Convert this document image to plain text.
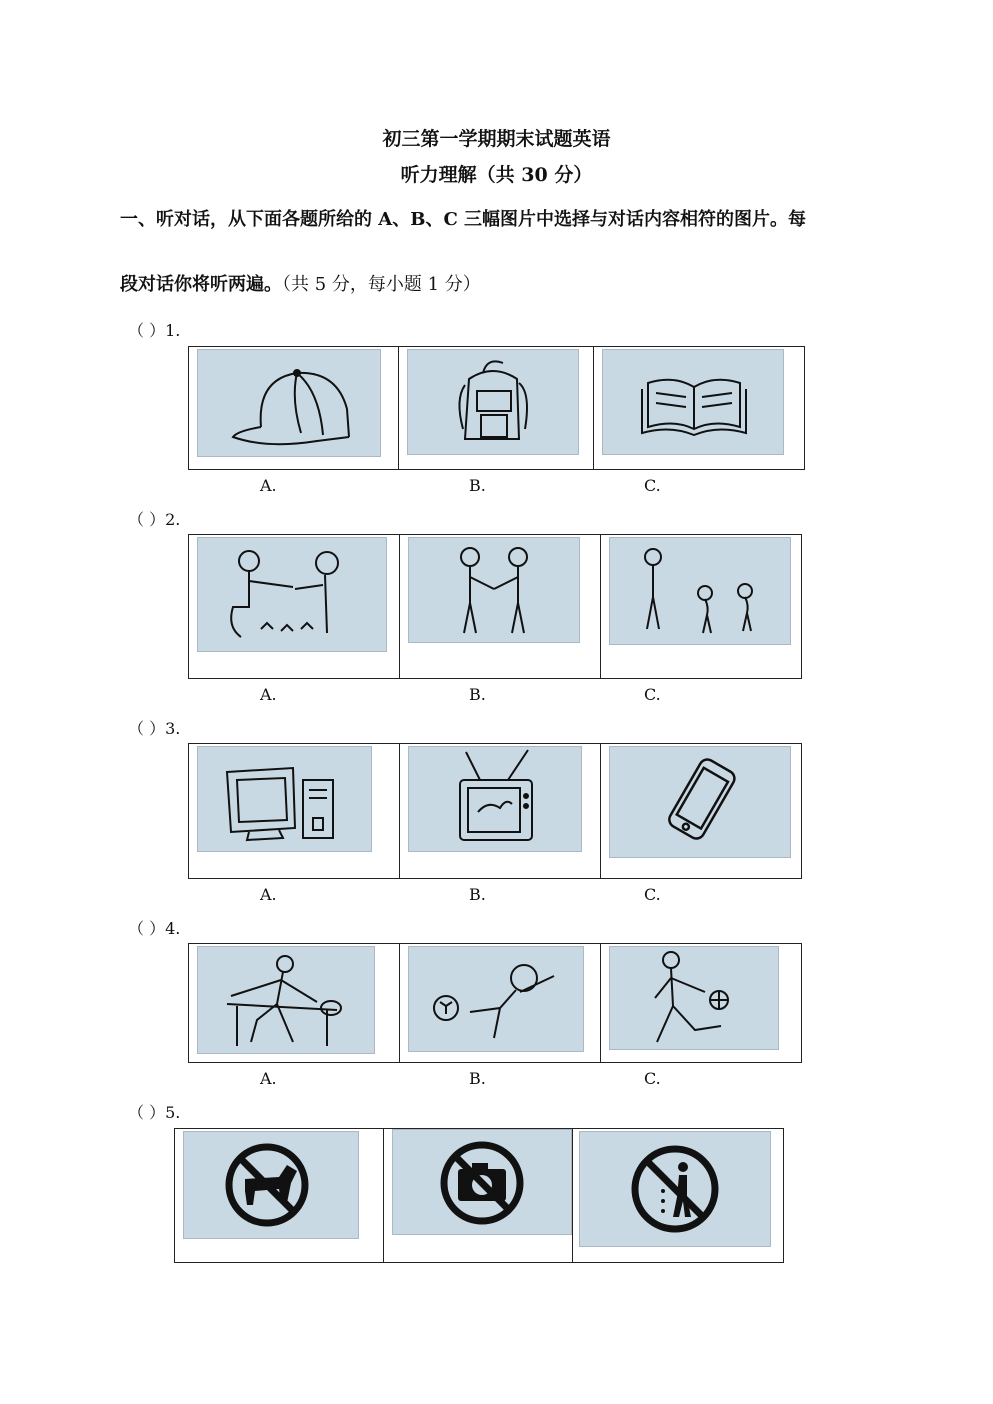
初三第一学期期末试题英语
听力理解（共 30 分）
一、听对话，从下面各题所给的 A、B、C 三幅图片中选择与对话内容相符的图片。每
段对话你将听两遍。（共 5 分，每小题 1 分）
（ ）1.

A.	B.	C.
（ ）2.

A.	B.	C.
（ ）3.

A.	B.	C.
（ ）4.

A.	B.	C.
（ ）5.
